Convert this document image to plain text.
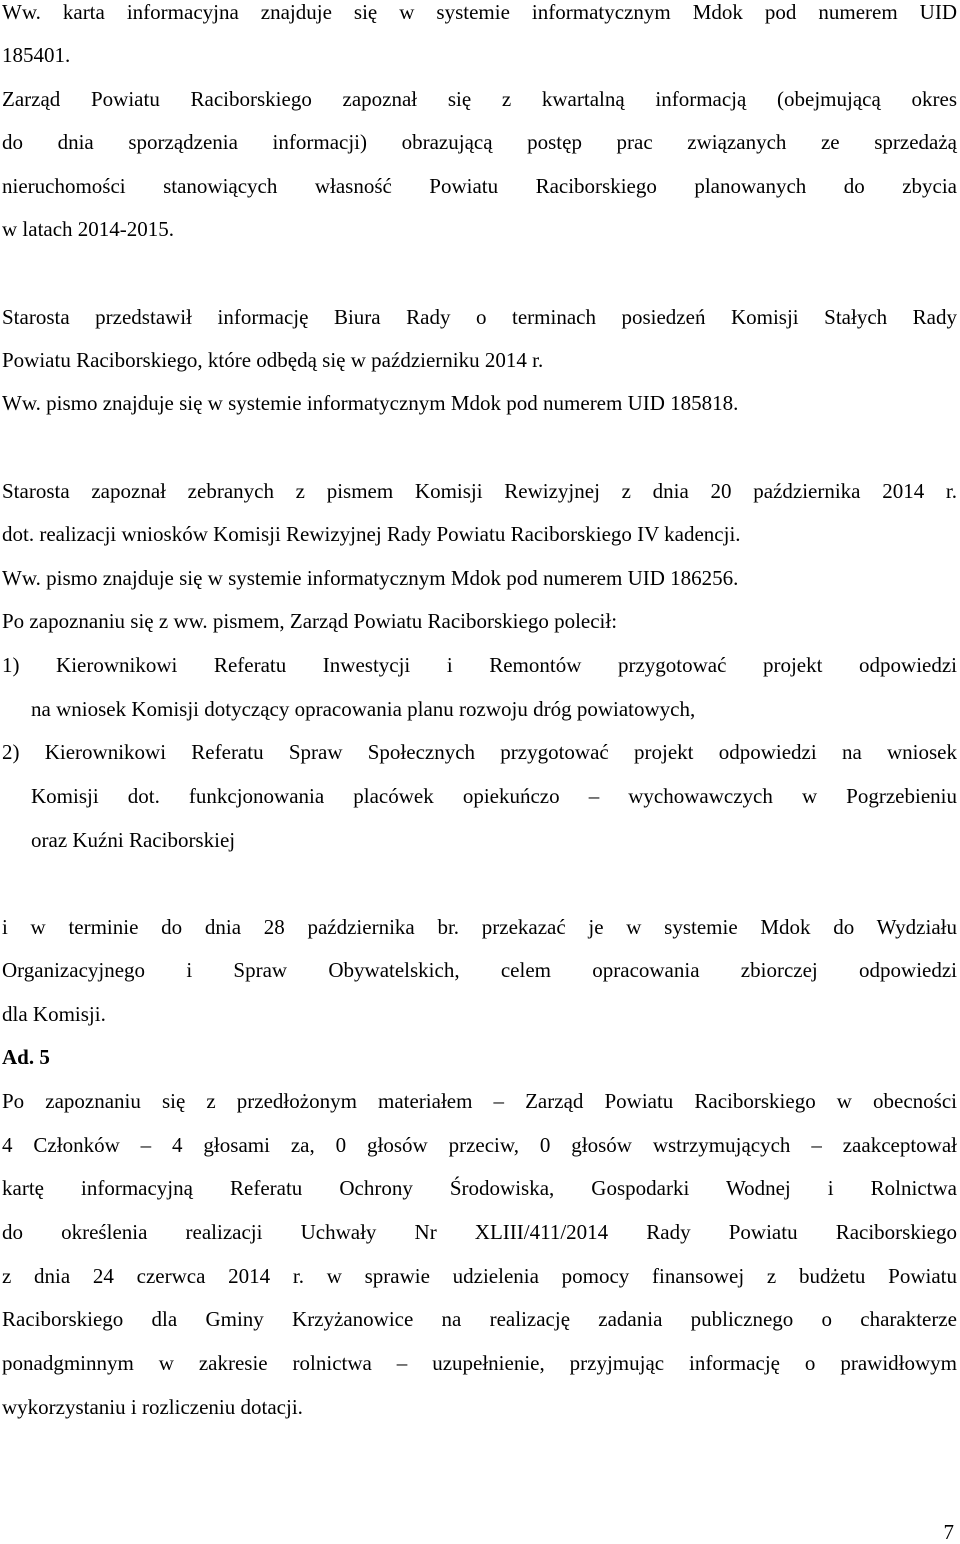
Ww. karta informacyjna znajduje się w systemie informatycznym Mdok pod numerem UID
185401.
Zarząd Powiatu Raciborskiego zapoznał się z kwartalną informacją (obejmującą okres
do dnia sporządzenia informacji) obrazującą postęp prac związanych ze sprzedażą
nieruchomości stanowiących własność Powiatu Raciborskiego planowanych do zbycia
w latach 2014-2015.
Starosta przedstawił informację Biura Rady o terminach posiedzeń Komisji Stałych Rady
Powiatu Raciborskiego, które odbędą się w październiku 2014 r.
Ww. pismo znajduje się w systemie informatycznym Mdok pod numerem UID 185818.
Starosta zapoznał zebranych z pismem Komisji Rewizyjnej z dnia 20 października 2014 r.
dot. realizacji wniosków Komisji Rewizyjnej Rady Powiatu Raciborskiego IV kadencji.
Ww. pismo znajduje się w systemie informatycznym Mdok pod numerem UID 186256.
Po zapoznaniu się z ww. pismem, Zarząd Powiatu Raciborskiego polecił:
1) Kierownikowi Referatu Inwestycji i Remontów przygotować projekt odpowiedzi
na wniosek Komisji dotyczący opracowania planu rozwoju dróg powiatowych,
2) Kierownikowi Referatu Spraw Społecznych przygotować projekt odpowiedzi na wniosek
Komisji dot. funkcjonowania placówek opiekuńczo – wychowawczych w Pogrzebieniu
oraz Kuźni Raciborskiej
i w terminie do dnia 28 października br. przekazać je w systemie Mdok do Wydziału
Organizacyjnego i Spraw Obywatelskich, celem opracowania zbiorczej odpowiedzi
dla Komisji.
Ad. 5
Po zapoznaniu się z przedłożonym materiałem – Zarząd Powiatu Raciborskiego w obecności
4 Członków – 4 głosami za, 0 głosów przeciw, 0 głosów wstrzymujących – zaakceptował
kartę informacyjną Referatu Ochrony Środowiska, Gospodarki Wodnej i Rolnictwa
do określenia realizacji Uchwały Nr XLIII/411/2014 Rady Powiatu Raciborskiego
z dnia 24 czerwca 2014 r. w sprawie udzielenia pomocy finansowej z budżetu Powiatu
Raciborskiego dla Gminy Krzyżanowice na realizację zadania publicznego o charakterze
ponadgminnym w zakresie rolnictwa – uzupełnienie, przyjmując informację o prawidłowym
wykorzystaniu i rozliczeniu dotacji.
7
